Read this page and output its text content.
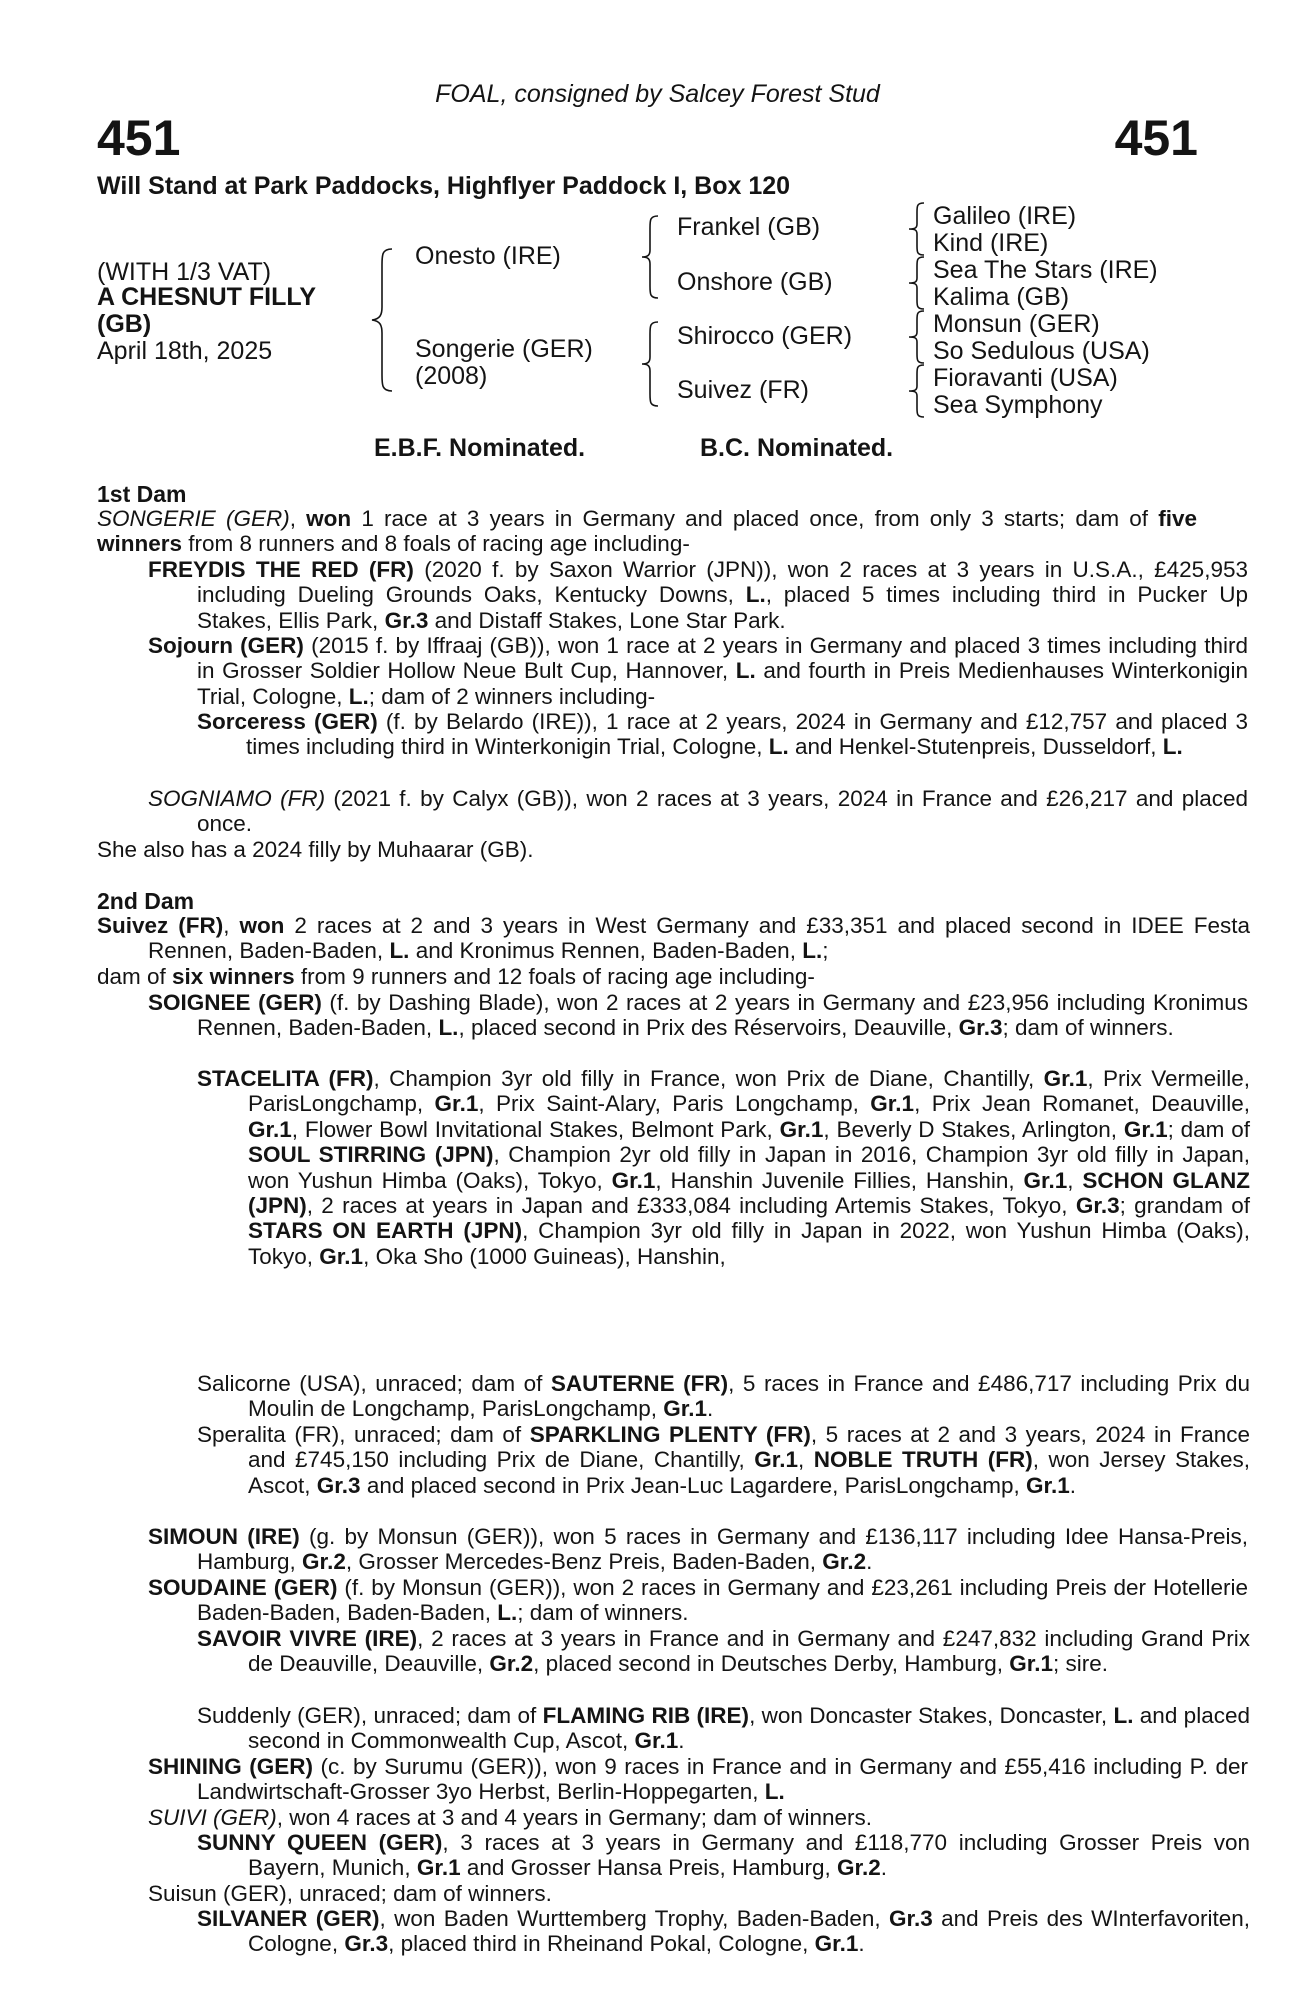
FOAL, consigned by Salcey Forest Stud
451	451
Will Stand at Park Paddocks, Highflyer Paddock I, Box 120
(WITH 1/3 VAT)
A CHESNUT FILLY
(GB)
April 18th, 2025
Onesto (IRE)
Songerie (GER)
(2008)
Frankel (GB)
Onshore (GB)
Shirocco (GER)
Suivez (FR)
Galileo (IRE)
Kind (IRE)
Sea The Stars (IRE)
Kalima (GB)
Monsun (GER)
So Sedulous (USA)
Fioravanti (USA)
Sea Symphony
E.B.F. Nominated.	B.C. Nominated.
1st Dam
SONGERIE (GER), won 1 race at 3 years in Germany and placed once, from only 3 starts; dam of five winners from 8 runners and 8 foals of racing age including-
FREYDIS THE RED (FR) (2020 f. by Saxon Warrior (JPN)), won 2 races at 3 years in U.S.A., £425,953 including Dueling Grounds Oaks, Kentucky Downs, L., placed 5 times including third in Pucker Up Stakes, Ellis Park, Gr.3 and Distaff Stakes, Lone Star Park.
Sojourn (GER) (2015 f. by Iffraaj (GB)), won 1 race at 2 years in Germany and placed 3 times including third in Grosser Soldier Hollow Neue Bult Cup, Hannover, L. and fourth in Preis Medienhauses Winterkonigin Trial, Cologne, L.; dam of 2 winners including-
Sorceress (GER) (f. by Belardo (IRE)), 1 race at 2 years, 2024 in Germany and £12,757 and placed 3 times including third in Winterkonigin Trial, Cologne, L. and Henkel-Stutenpreis, Dusseldorf, L.
SOGNIAMO (FR) (2021 f. by Calyx (GB)), won 2 races at 3 years, 2024 in France and £26,217 and placed once.
She also has a 2024 filly by Muhaarar (GB).
2nd Dam
Suivez (FR), won 2 races at 2 and 3 years in West Germany and £33,351 and placed second in IDEE Festa Rennen, Baden-Baden, L. and Kronimus Rennen, Baden-Baden, L.;
dam of six winners from 9 runners and 12 foals of racing age including-
SOIGNEE (GER) (f. by Dashing Blade), won 2 races at 2 years in Germany and £23,956 including Kronimus Rennen, Baden-Baden, L., placed second in Prix des Réservoirs, Deauville, Gr.3; dam of winners.
STACELITA (FR), Champion 3yr old filly in France, won Prix de Diane, Chantilly, Gr.1, Prix Vermeille, ParisLongchamp, Gr.1, Prix Saint-Alary, Paris Longchamp, Gr.1, Prix Jean Romanet, Deauville, Gr.1, Flower Bowl Invitational Stakes, Belmont Park, Gr.1, Beverly D Stakes, Arlington, Gr.1; dam of SOUL STIRRING (JPN), Champion 2yr old filly in Japan in 2016, Champion 3yr old filly in Japan, won Yushun Himba (Oaks), Tokyo, Gr.1, Hanshin Juvenile Fillies, Hanshin, Gr.1, SCHON GLANZ (JPN), 2 races at years in Japan and £333,084 including Artemis Stakes, Tokyo, Gr.3; grandam of STARS ON EARTH (JPN), Champion 3yr old filly in Japan in 2022, won Yushun Himba (Oaks), Tokyo, Gr.1, Oka Sho (1000 Guineas), Hanshin,
Salicorne (USA), unraced; dam of SAUTERNE (FR), 5 races in France and £486,717 including Prix du Moulin de Longchamp, ParisLongchamp, Gr.1.
Speralita (FR), unraced; dam of SPARKLING PLENTY (FR), 5 races at 2 and 3 years, 2024 in France and £745,150 including Prix de Diane, Chantilly, Gr.1, NOBLE TRUTH (FR), won Jersey Stakes, Ascot, Gr.3 and placed second in Prix Jean-Luc Lagardere, ParisLongchamp, Gr.1.
SIMOUN (IRE) (g. by Monsun (GER)), won 5 races in Germany and £136,117 including Idee Hansa-Preis, Hamburg, Gr.2, Grosser Mercedes-Benz Preis, Baden-Baden, Gr.2.
SOUDAINE (GER) (f. by Monsun (GER)), won 2 races in Germany and £23,261 including Preis der Hotellerie Baden-Baden, Baden-Baden, L.; dam of winners.
SAVOIR VIVRE (IRE), 2 races at 3 years in France and in Germany and £247,832 including Grand Prix de Deauville, Deauville, Gr.2, placed second in Deutsches Derby, Hamburg, Gr.1; sire.
Suddenly (GER), unraced; dam of FLAMING RIB (IRE), won Doncaster Stakes, Doncaster, L. and placed second in Commonwealth Cup, Ascot, Gr.1.
SHINING (GER) (c. by Surumu (GER)), won 9 races in France and in Germany and £55,416 including P. der Landwirtschaft-Grosser 3yo Herbst, Berlin-Hoppegarten, L.
SUIVI (GER), won 4 races at 3 and 4 years in Germany; dam of winners.
SUNNY QUEEN (GER), 3 races at 3 years in Germany and £118,770 including Grosser Preis von Bayern, Munich, Gr.1 and Grosser Hansa Preis, Hamburg, Gr.2.
Suisun (GER), unraced; dam of winners.
SILVANER (GER), won Baden Wurttemberg Trophy, Baden-Baden, Gr.3 and Preis des WInterfavoriten, Cologne, Gr.3, placed third in Rheinand Pokal, Cologne, Gr.1.
